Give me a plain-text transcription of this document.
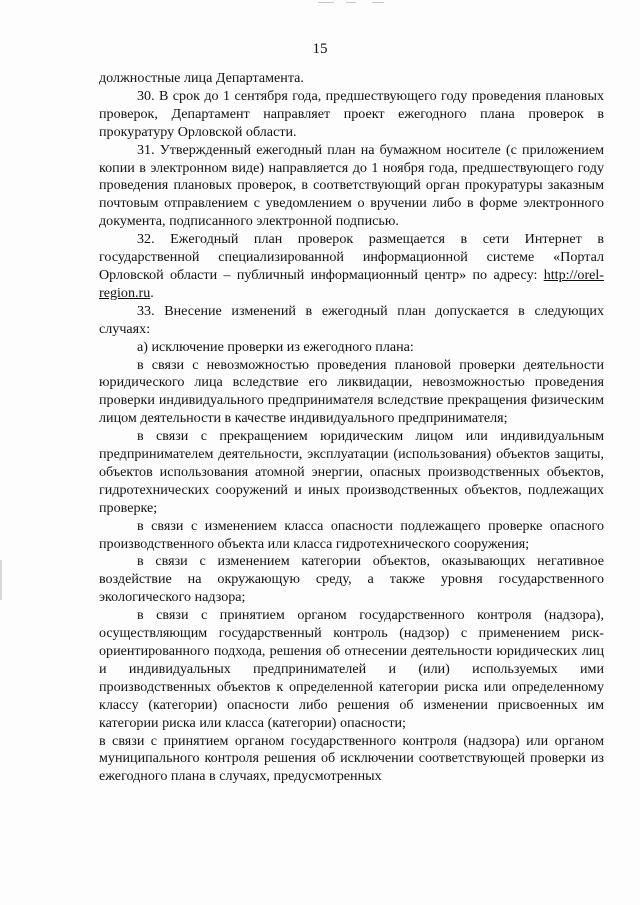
15

должностные лица Департамента.

30. В срок до 1 сентября года, предшествующего году проведения плановых проверок, Департамент направляет проект ежегодного плана проверок в прокуратуру Орловской области.

31. Утвержденный ежегодный план на бумажном носителе (с приложением копии в электронном виде) направляется до 1 ноября года, предшествующего году проведения плановых проверок, в соответствующий орган прокуратуры заказным почтовым отправлением с уведомлением о вручении либо в форме электронного документа, подписанного электронной подписью.

32. Ежегодный план проверок размещается в сети Интернет в государственной специализированной информационной системе «Портал Орловской области – публичный информационный центр» по адресу: http://orel-region.ru.

33. Внесение изменений в ежегодный план допускается в следующих случаях:

а) исключение проверки из ежегодного плана:

в связи с невозможностью проведения плановой проверки деятельности юридического лица вследствие его ликвидации, невозможностью проведения проверки индивидуального предпринимателя вследствие прекращения физическим лицом деятельности в качестве индивидуального предпринимателя;

в связи с прекращением юридическим лицом или индивидуальным предпринимателем деятельности, эксплуатации (использования) объектов защиты, объектов использования атомной энергии, опасных производственных объектов, гидротехнических сооружений и иных производственных объектов, подлежащих проверке;

в связи с изменением класса опасности подлежащего проверке опасного производственного объекта или класса гидротехнического сооружения;

в связи с изменением категории объектов, оказывающих негативное воздействие на окружающую среду, а также уровня государственного экологического надзора;

в связи с принятием органом государственного контроля (надзора), осуществляющим государственный контроль (надзор) с применением риск-ориентированного подхода, решения об отнесении деятельности юридических лиц и индивидуальных предпринимателей и (или) используемых ими производственных объектов к определенной категории риска или определенному классу (категории) опасности либо решения об изменении присвоенных им категории риска или класса (категории) опасности;

в связи с принятием органом государственного контроля (надзора) или органом муниципального контроля решения об исключении соответствующей проверки из ежегодного плана в случаях, предусмотренных
